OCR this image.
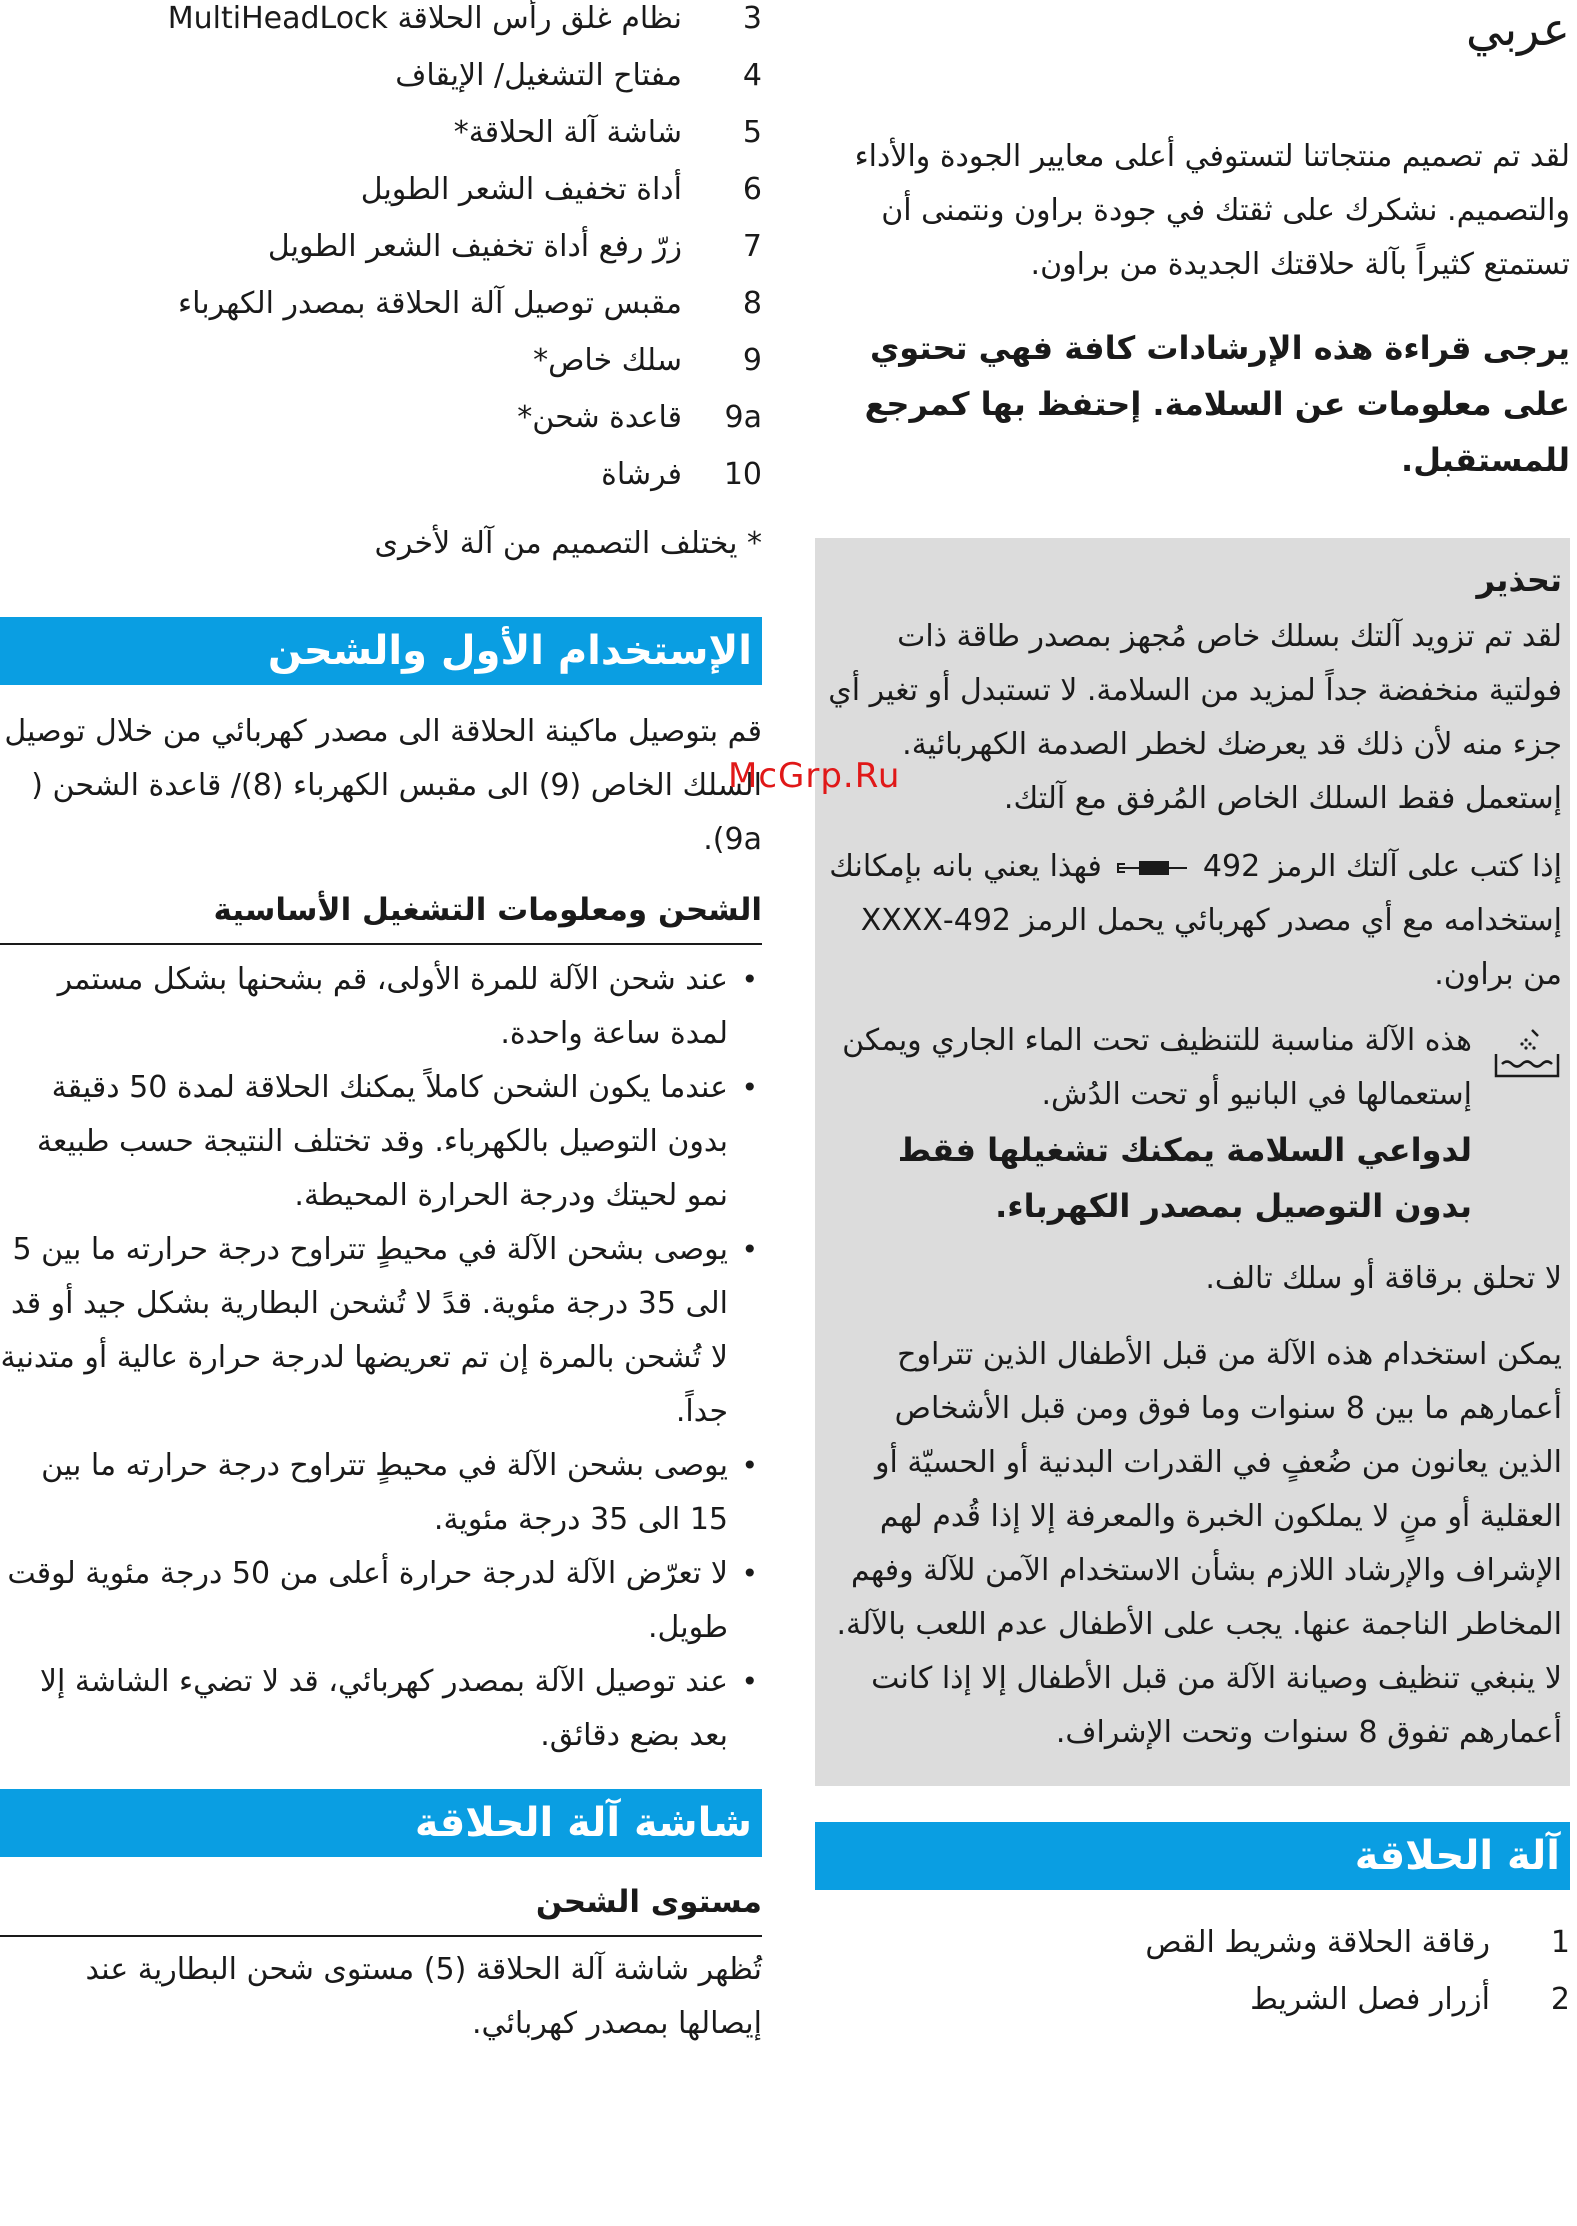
عربي

لقد تم تصميم منتجاتنا لتستوفي أعلى معايير الجودة والأداء والتصميم. نشكرك على ثقتك في جودة براون ونتمنى أن تستمتع كثيراً بآلة حلاقتك الجديدة من براون.

يرجى قراءة هذه الإرشادات كافة فهي تحتوي على معلومات عن السلامة. إحتفظ بها كمرجع للمستقبل.

تحذير

لقد تم تزويد آلتك بسلك خاص مُجهز بمصدر طاقة ذات فولتية منخفضة جداً لمزيد من السلامة. لا تستبدل أو تغير أي جزء منه لأن ذلك قد يعرضك لخطر الصدمة الكهربائية. إستعمل فقط السلك الخاص المُرفق مع آلتك.

إذا كتب على آلتك الرمز
492 فهذا يعني بانه بإمكانك إستخدامه مع أي مصدر كهربائي يحمل الرمز 492-XXXX من براون.

هذه الآلة مناسبة للتنظيف تحت الماء الجاري ويمكن إستعمالها في البانيو أو تحت الدُش.

لدواعي السلامة يمكنك تشغيلها فقط بدون التوصيل بمصدر الكهرباء.

لا تحلق برقاقة أو سلك تالف.

يمكن استخدام هذه الآلة من قبل الأطفال الذين تتراوح أعمارهم ما بين 8 سنوات وما فوق ومن قبل الأشخاص الذين يعانون من ضُعفٍ في القدرات البدنية أو الحسيّة أو العقلية أو منٍ لا يملكون الخبرة والمعرفة إلا إذا قُدم لهم الإشراف والإرشاد اللازم بشأن الاستخدام الآمن للآلة وفهم المخاطر الناجمة عنها. يجب على الأطفال عدم اللعب بالآلة. لا ينبغي تنظيف وصيانة الآلة من قبل الأطفال إلا إذا كانت أعمارهم تفوق 8 سنوات وتحت الإشراف.

آلة الحلاقة
1
رقاقة الحلاقة وشريط القص
2
أزرار فصل الشريط
3
نظام غلق رأس الحلاقة MultiHeadLock
4
مفتاح التشغيل/ الإيقاف
5
شاشة آلة الحلاقة*
6
أداة تخفيف الشعر الطويل
7
زرّ رفع أداة تخفيف الشعر الطويل
8
مقبس توصيل آلة الحلاقة بمصدر الكهرباء
9
سلك خاص*
9a
قاعدة شحن*
10
فرشاة

* يختلف التصميم من آلة لأخرى

الإستخدام الأول والشحن

قم بتوصيل ماكينة الحلاقة الى مصدر كهربائي من خلال توصيل السلك الخاص (9) الى مقبس الكهرباء (8)/ قاعدة الشحن ( 9a).

الشحن ومعلومات التشغيل الأساسية

• عند شحن الآلة للمرة الأولى، قم بشحنها بشكل مستمر لمدة ساعة واحدة.
• عندما يكون الشحن كاملاً يمكنك الحلاقة لمدة 50 دقيقة بدون التوصيل بالكهرباء. وقد تختلف النتيجة حسب طبيعة نمو لحيتك ودرجة الحرارة المحيطة.
• يوصى بشحن الآلة في محيطٍ تتراوح درجة حرارته ما بين 5 الى 35 درجة مئوية. قدً لا تُشحن البطارية بشكل جيد أو قد لا تُشحن بالمرة إن تم تعريضها لدرجة حرارة عالية أو متدنية جداً.
• يوصى بشحن الآلة في محيطٍ تتراوح درجة حرارته ما بين 15 الى 35 درجة مئوية.
• لا تعرّض الآلة لدرجة حرارة أعلى من 50 درجة مئوية لوقت طويل.
• عند توصيل الآلة بمصدر كهربائي، قد لا تضيء الشاشة إلا بعد بضع دقائق.
شاشة آلة الحلاقة

مستوى الشحن

تُظهر شاشة آلة الحلاقة (5) مستوى شحن البطارية عند إيصالها بمصدر كهربائي.

McGrp.Ru
